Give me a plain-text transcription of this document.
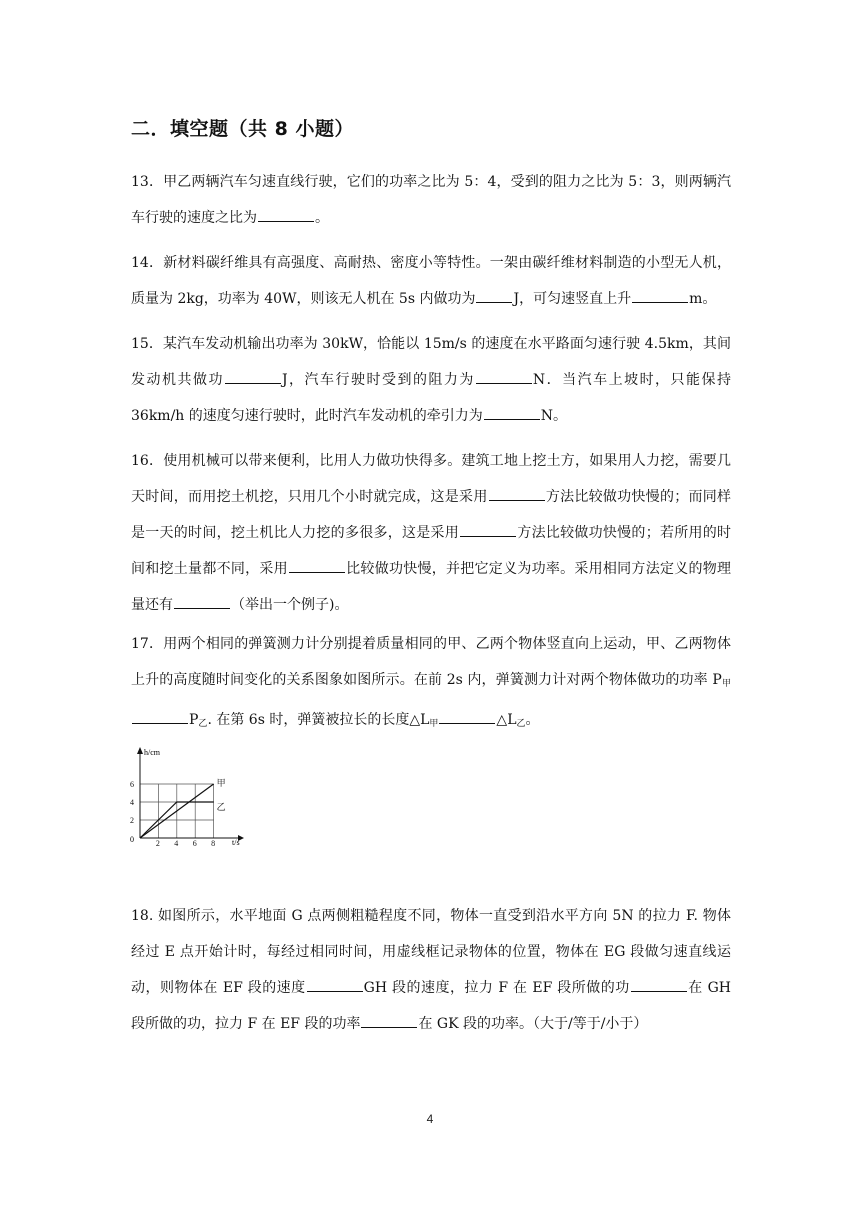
二．填空题（共 8 小题）
13．甲乙两辆汽车匀速直线行驶，它们的功率之比为 5：4，受到的阻力之比为 5：3，则两辆汽车行驶的速度之比为	。
14．新材料碳纤维具有高强度、高耐热、密度小等特性。一架由碳纤维材料制造的小型无人机，质量为 2kg，功率为 40W，则该无人机在 5s 内做功为	J，可匀速竖直上升	m。
15．某汽车发动机输出功率为 30kW，恰能以 15m/s 的速度在水平路面匀速行驶 4.5km，其间发动机共做功	J，汽车行驶时受到的阻力为	N．当汽车上坡时，只能保持 36km/h 的速度匀速行驶时，此时汽车发动机的牵引力为	N。
16．使用机械可以带来便利，比用人力做功快得多。建筑工地上挖土方，如果用人力挖，需要几天时间，而用挖土机挖，只用几个小时就完成，这是采用	方法比较做功快慢的；而同样是一天的时间，挖土机比人力挖的多很多，这是采用	方法比较做功快慢的；若所用的时间和挖土量都不同，采用	比较做功快慢，并把它定义为功率。采用相同方法定义的物理量还有	（举出一个例子)。
17．用两个相同的弹簧测力计分别提着质量相同的甲、乙两个物体竖直向上运动，甲、乙两物体上升的高度随时间变化的关系图象如图所示。在前 2s 内，弹簧测力计对两个物体做功的功率 $P_甲P_乙$. 在第 6s 时，弹簧被拉长的长度$\triangle L_甲$	$\triangle L_乙$。
h/cm
t/s
0	2 4 6 8
2
4
6	甲
乙
18. 如图所示，水平地面 G 点两侧粗糙程度不同，物体一直受到沿水平方向 5N 的拉力 F. 物体经过 E 点开始计时，每经过相同时间，用虚线框记录物体的位置，物体在 EG 段做匀速直线运动，则物体在 EF 段的速度	GH 段的速度，拉力 F 在 EF 段所做的功	在 GH 段所做的功，拉力 F 在 EF 段的功率	在 GK 段的功率。（大于/等于/小于）
4
